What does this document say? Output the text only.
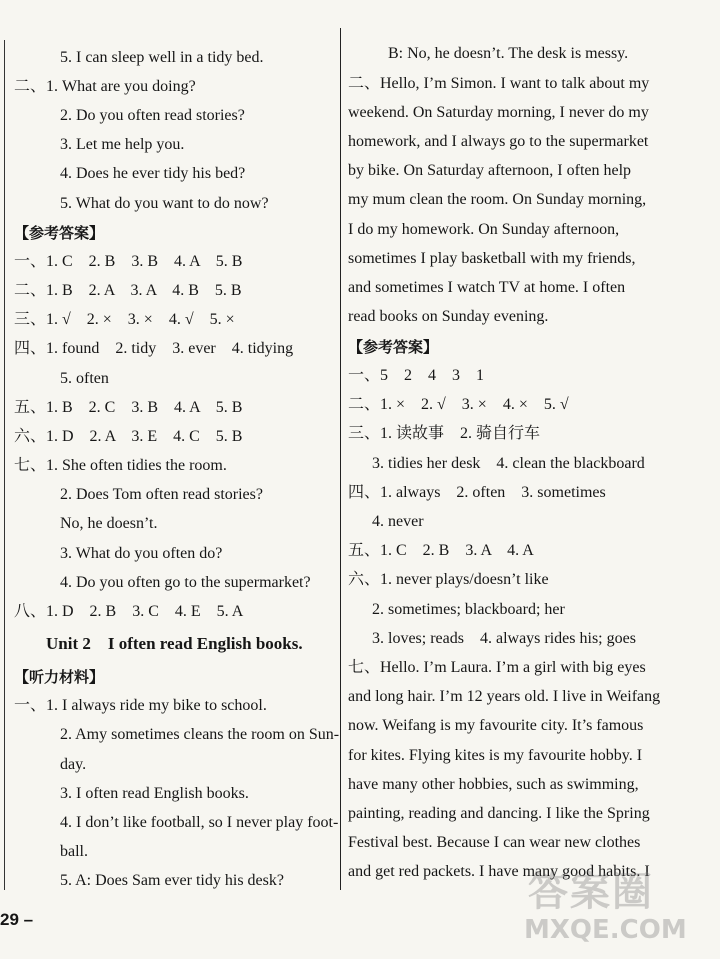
5. I can sleep well in a tidy bed.
二、1. What are you doing?
2. Do you often read stories?
3. Let me help you.
4. Does he ever tidy his bed?
5. What do you want to do now?
【参考答案】
一、1. C　2. B　3. B　4. A　5. B
二、1. B　2. A　3. A　4. B　5. B
三、1. √　2. ×　3. ×　4. √　5. ×
四、1. found　2. tidy　3. ever　4. tidying
5. often
五、1. B　2. C　3. B　4. A　5. B
六、1. D　2. A　3. E　4. C　5. B
七、1. She often tidies the room.
2. Does Tom often read stories?
No, he doesn’t.
3. What do you often do?
4. Do you often go to the supermarket?
八、1. D　2. B　3. C　4. E　5. A
Unit 2　I often read English books.
【听力材料】
一、1. I always ride my bike to school.
2. Amy sometimes cleans the room on Sun-
day.
3. I often read English books.
4. I don’t like football, so I never play foot-
ball.
5. A: Does Sam ever tidy his desk?
B: No, he doesn’t. The desk is messy.
二、Hello, I’m Simon. I want to talk about my
weekend. On Saturday morning, I never do my
homework, and I always go to the supermarket
by bike. On Saturday afternoon, I often help
my mum clean the room. On Sunday morning,
I do my homework. On Sunday afternoon,
sometimes I play basketball with my friends,
and sometimes I watch TV at home. I often
read books on Sunday evening.
【参考答案】
一、5　2　4　3　1
二、1. ×　2. √　3. ×　4. ×　5. √
三、1. 读故事　2. 骑自行车
3. tidies her desk　4. clean the blackboard
四、1. always　2. often　3. sometimes
4. never
五、1. C　2. B　3. A　4. A
六、1. never plays/doesn’t like
2. sometimes; blackboard; her
3. loves; reads　4. always rides his; goes
七、Hello. I’m Laura. I’m a girl with big eyes
and long hair. I’m 12 years old. I live in Weifang
now. Weifang is my favourite city. It’s famous
for kites. Flying kites is my favourite hobby. I
have many other hobbies, such as swimming,
painting, reading and dancing. I like the Spring
Festival best. Because I can wear new clothes
and get red packets. I have many good habits. I
29 –
答案圈
MXQE.COM
